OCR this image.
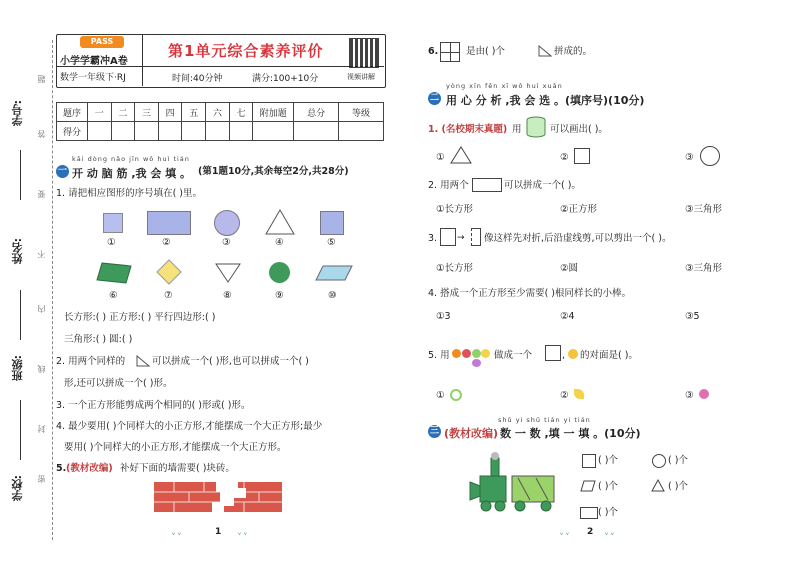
学号:
姓名:
班级:
学校:
题
答
要
不
内
线
封
密
PASS
小学学霸冲A卷
数学一年级下·RJ
第1单元综合素养评价
时间:40分钟	满分:100+10分	视频讲解
题序	一	二	三	四	五	六	七	附加题	总分	等级
得分										
kāi dòng nǎo jīn wǒ huì tián
一 开 动 脑 筋 ,我 会 填 。 (第1题10分,其余每空2分,共28分)
1. 请把相应图形的序号填在( )里。
①	②	③	④	⑤
⑥	⑦	⑧	⑨	⑩
长方形:( ) 正方形:( ) 平行四边形:( )
三角形:( ) 圆:( )
2. 用两个同样的	可以拼成一个( )形,也可以拼成一个( )
形,还可以拼成一个( )形。
3. 一个正方形能剪成两个相同的( )形或( )形。
4. 最少要用( )个同样大的小正方形,才能摆成一个大正方形;最少
要用( )个同样大的小正方形,才能摆成一个大正方形。
5. (教材改编) 补好下面的墙需要( )块砖。
1
ᵥ ᵥ	ᵥ ᵥ
6.	是由( )个	拼成的。
yòng xīn fēn xī wǒ huì xuǎn
二 用 心 分 析 ,我 会 选 。(填序号)(10分)
1. (名校期末真题) 用	可以画出( )。
①	②	③
2. 用两个	可以拼成一个( )。
①长方形	②正方形	③三角形
3. → 像这样先对折,后沿虚线剪,可以剪出一个( )。
①长方形	②圆	③三角形
4. 搭成一个正方形至少需要( )根同样长的小棒。
①3	②4	③5
5. 用	做成一个	, 的对面是( )。
①	②	③
shǔ yi shǔ tián yi tián
三 (教材改编) 数 一 数 ,填 一 填 。(10分)
( )个	( )个
( )个	( )个
( )个
2
ᵥ ᵥ	ᵥ ᵥ
